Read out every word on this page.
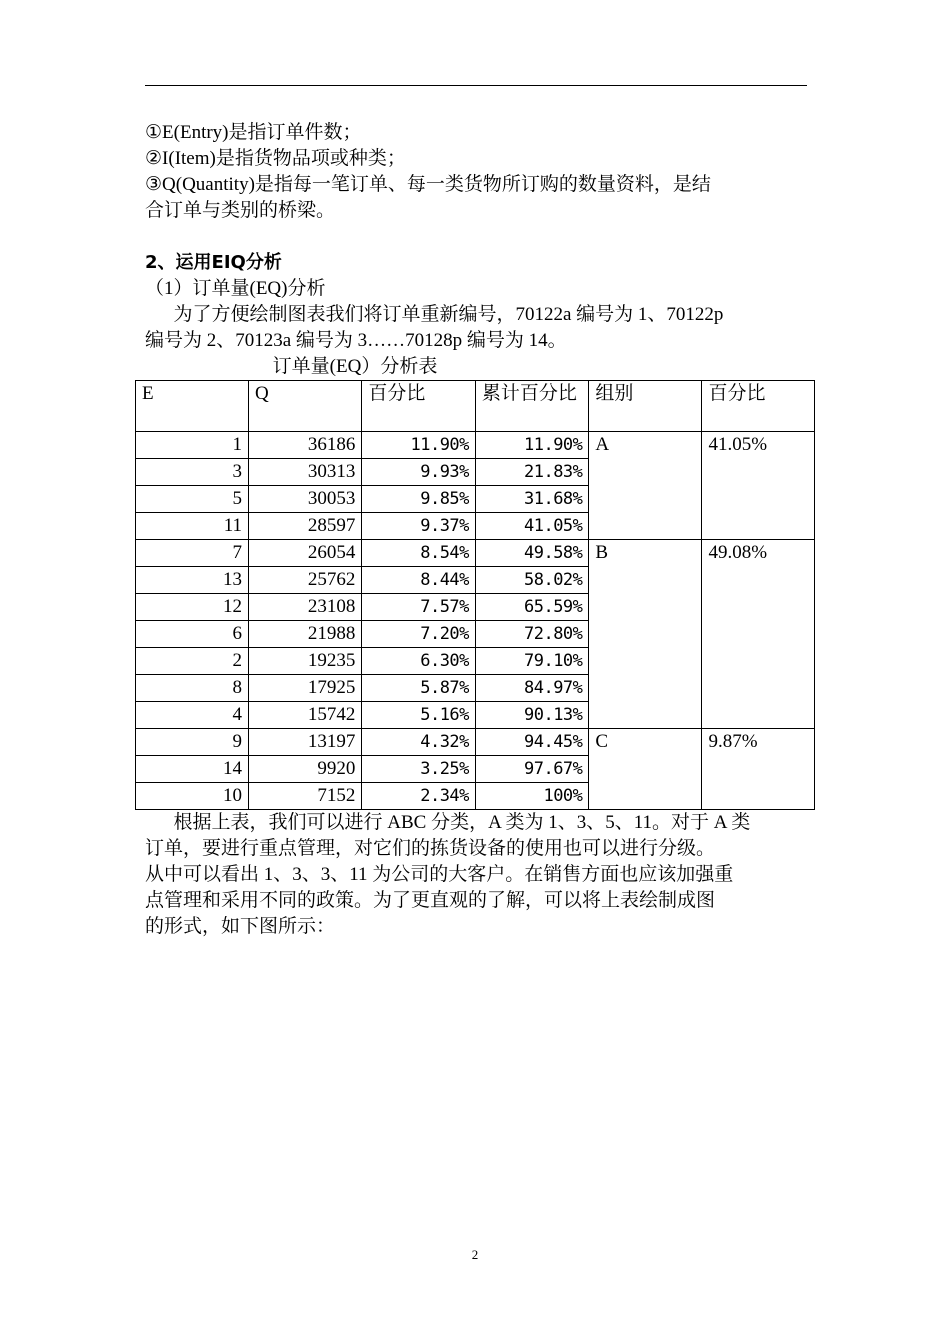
①E(Entry)是指订单件数；
②I(Item)是指货物品项或种类；
③Q(Quantity)是指每一笔订单、每一类货物所订购的数量资料，是结
合订单与类别的桥梁。
2、运用EIQ分析
（1）订单量(EQ)分析
为了方便绘制图表我们将订单重新编号，70122a 编号为 1、70122p
编号为 2、70123a 编号为 3……70128p 编号为 14。
订单量(EQ）分析表
E	Q	百分比	累计百分比	组别	百分比
1	36186	11.90%	11.90%	A	41.05%
3	30313	9.93%	21.83%		
5	30053	9.85%	31.68%		
11	28597	9.37%	41.05%		
7	26054	8.54%	49.58%	B	49.08%
13	25762	8.44%	58.02%		
12	23108	7.57%	65.59%		
6	21988	7.20%	72.80%		
2	19235	6.30%	79.10%		
8	17925	5.87%	84.97%		
4	15742	5.16%	90.13%		
9	13197	4.32%	94.45%	C	9.87%
14	9920	3.25%	97.67%		
10	7152	2.34%	100%		
根据上表，我们可以进行 ABC 分类，A 类为 1、3、5、11。对于 A 类
订单，要进行重点管理，对它们的拣货设备的使用也可以进行分级。
从中可以看出 1、3、3、11 为公司的大客户。在销售方面也应该加强重
点管理和采用不同的政策。为了更直观的了解，可以将上表绘制成图
的形式，如下图所示：
2
